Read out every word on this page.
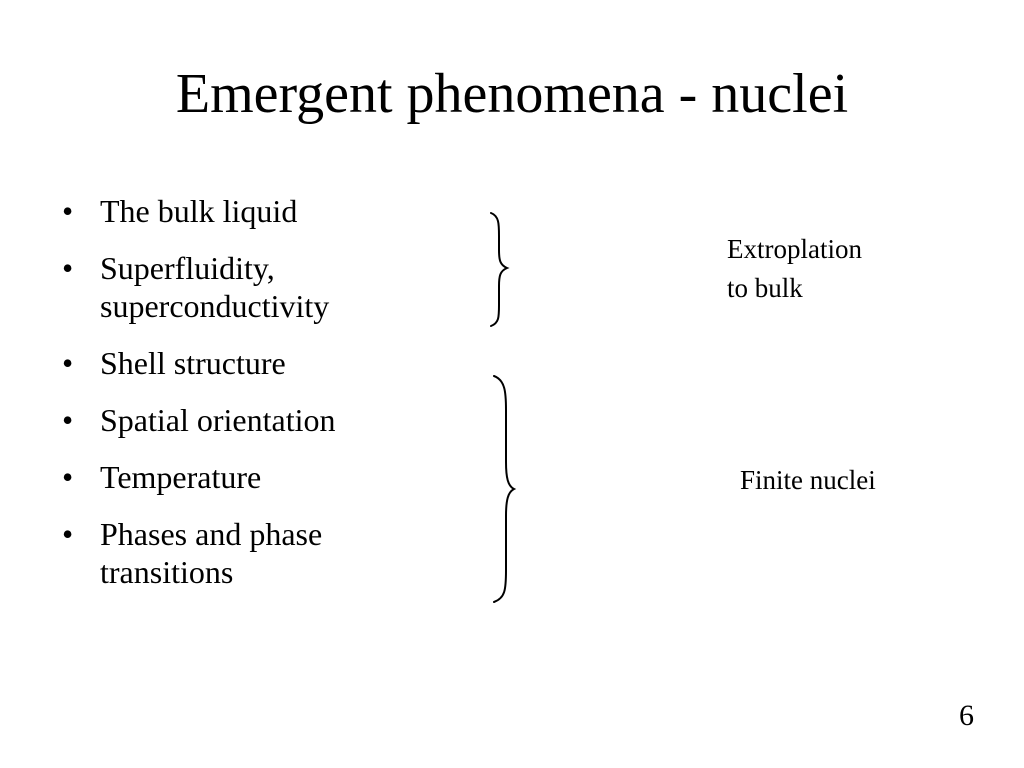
Emergent phenomena - nuclei
• The bulk liquid
• Superfluidity, superconductivity
• Shell structure
• Spatial orientation
• Temperature
• Phases and phase transitions
Extroplation
to bulk
Finite nuclei
6
